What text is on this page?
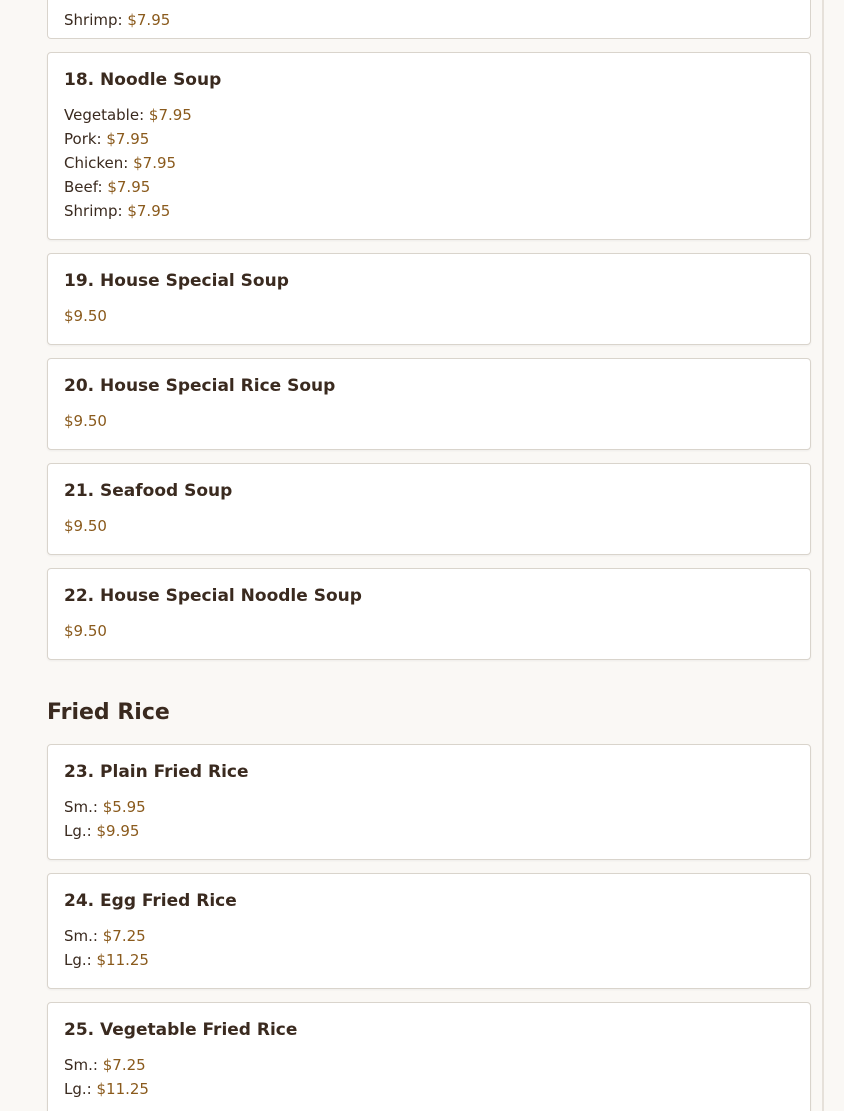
Shrimp: $7.95
18. Noodle Soup
Vegetable: $7.95
Pork: $7.95
Chicken: $7.95
Beef: $7.95
Shrimp: $7.95
19. House Special Soup
$9.50
20. House Special Rice Soup
$9.50
21. Seafood Soup
$9.50
22. House Special Noodle Soup
$9.50
Fried Rice
23. Plain Fried Rice
Sm.: $5.95
Lg.: $9.95
24. Egg Fried Rice
Sm.: $7.25
Lg.: $11.25
25. Vegetable Fried Rice
Sm.: $7.25
Lg.: $11.25
